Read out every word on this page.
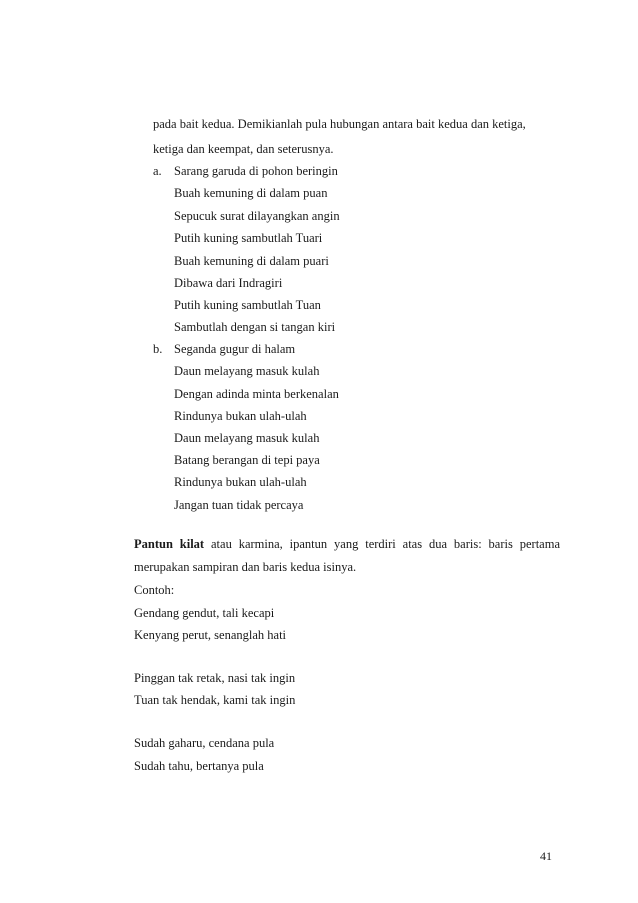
pada bait kedua. Demikianlah pula hubungan antara bait kedua dan ketiga,
ketiga dan keempat, dan seterusnya.
a. Sarang garuda di pohon beringin
Buah kemuning di dalam puan
Sepucuk surat dilayangkan angin
Putih kuning sambutlah Tuari
Buah kemuning di dalam puari
Dibawa dari Indragiri
Putih kuning sambutlah Tuan
Sambutlah dengan si tangan kiri
b. Seganda gugur di halam
Daun melayang masuk kulah
Dengan adinda minta berkenalan
Rindunya bukan ulah-ulah
Daun melayang masuk kulah
Batang berangan di tepi paya
Rindunya bukan ulah-ulah
Jangan tuan tidak percaya
Pantun kilat atau karmina, ipantun yang terdiri atas dua baris: baris pertama
merupakan sampiran dan baris kedua isinya.
Contoh:
Gendang gendut, tali kecapi
Kenyang perut, senanglah hati
Pinggan tak retak, nasi tak ingin
Tuan tak hendak, kami tak ingin
Sudah gaharu, cendana pula
Sudah tahu, bertanya pula
41
